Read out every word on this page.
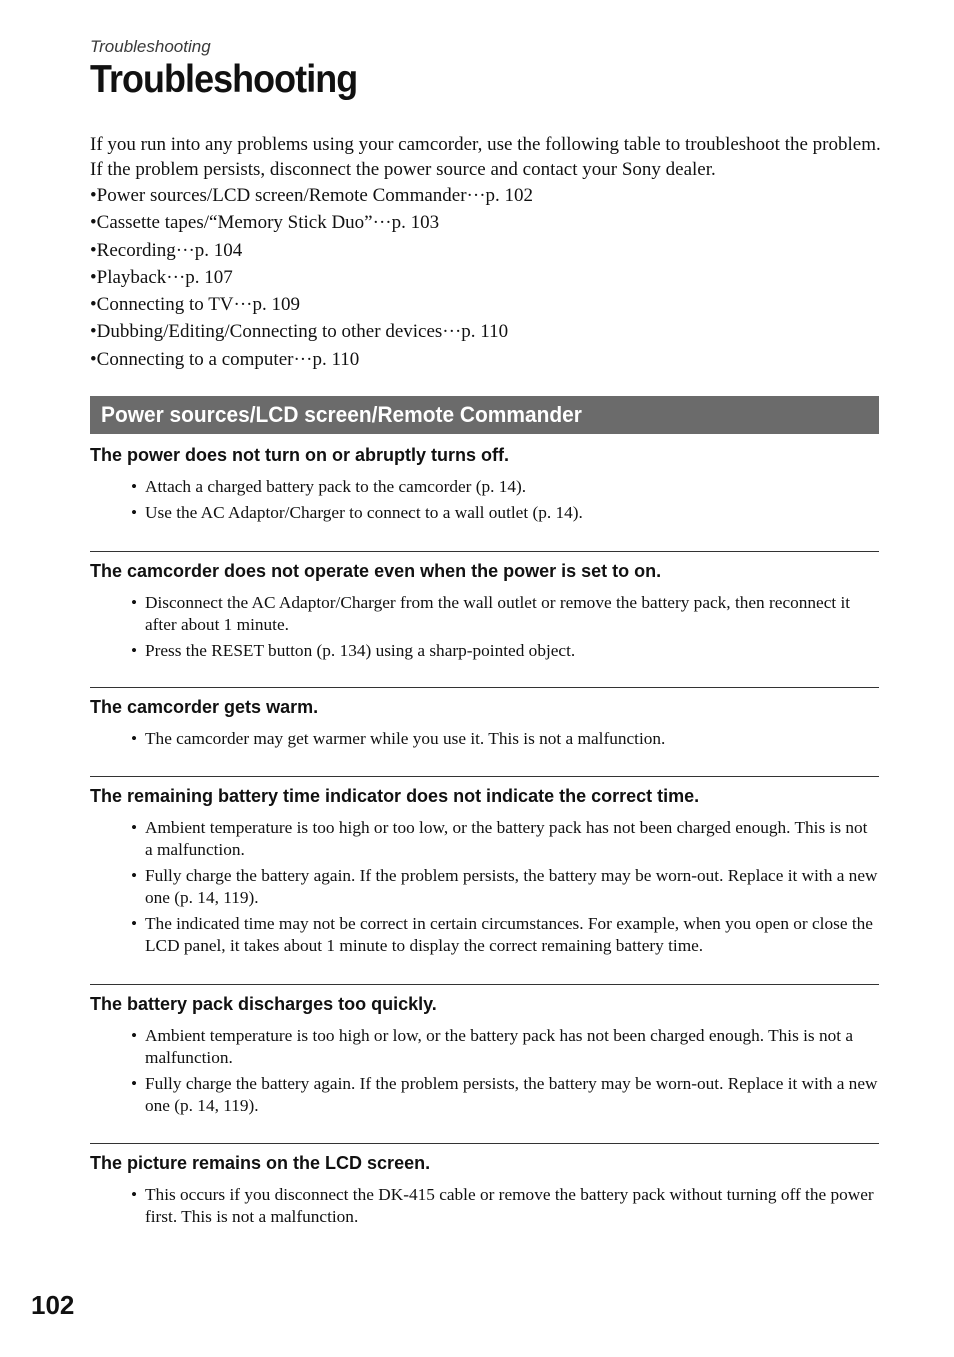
Troubleshooting
Troubleshooting

If you run into any problems using your camcorder, use the following table to troubleshoot the problem. If the problem persists, disconnect the power source and contact your Sony dealer.

• Power sources/LCD screen/Remote Commander···p. 102
• Cassette tapes/“Memory Stick Duo”···p. 103
• Recording···p. 104
• Playback···p. 107
• Connecting to TV···p. 109
• Dubbing/Editing/Connecting to other devices···p. 110
• Connecting to a computer···p. 110
Power sources/LCD screen/Remote Commander
The power does not turn on or abruptly turns off.
• Attach a charged battery pack to the camcorder (p. 14).
• Use the AC Adaptor/Charger to connect to a wall outlet (p. 14).
The camcorder does not operate even when the power is set to on.
• Disconnect the AC Adaptor/Charger from the wall outlet or remove the battery pack, then reconnect it after about 1 minute.
• Press the RESET button (p. 134) using a sharp-pointed object.
The camcorder gets warm.
• The camcorder may get warmer while you use it. This is not a malfunction.
The remaining battery time indicator does not indicate the correct time.
• Ambient temperature is too high or too low, or the battery pack has not been charged enough. This is not a malfunction.
• Fully charge the battery again. If the problem persists, the battery may be worn-out. Replace it with a new one (p. 14, 119).
• The indicated time may not be correct in certain circumstances. For example, when you open or close the LCD panel, it takes about 1 minute to display the correct remaining battery time.
The battery pack discharges too quickly.
• Ambient temperature is too high or low, or the battery pack has not been charged enough. This is not a malfunction.
• Fully charge the battery again. If the problem persists, the battery may be worn-out. Replace it with a new one (p. 14, 119).
The picture remains on the LCD screen.
• This occurs if you disconnect the DK-415 cable or remove the battery pack without turning off the power first. This is not a malfunction.
102
